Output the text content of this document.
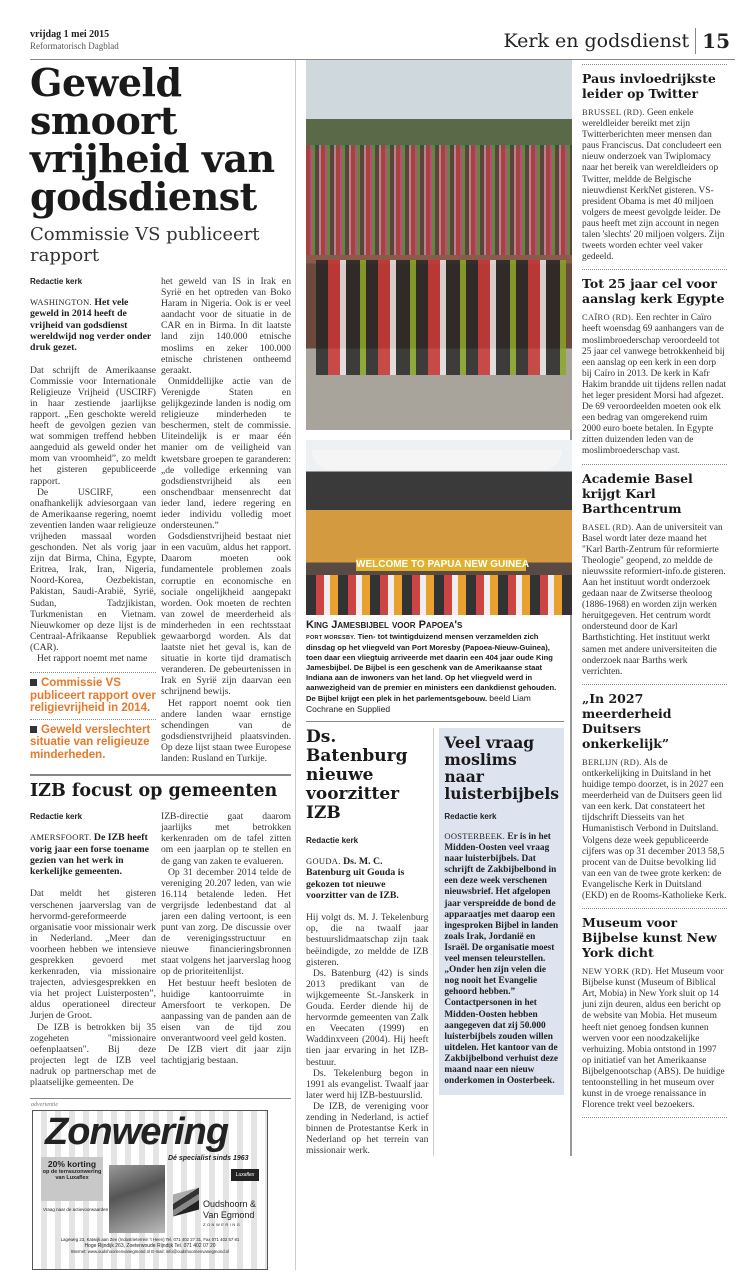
vrijdag 1 mei 2015
Reformatorisch Dagblad	Kerk en godsdienst 15
Geweld smoort vrijheid van godsdienst
Commissie VS publiceert rapport
Redactie kerk
WASHINGTON. Het vele geweld in 2014 heeft de vrijheid van godsdienst wereldwijd nog verder onder druk gezet.

Dat schrijft de Amerikaanse Commissie voor Internationale Religieuze Vrijheid (USCIRF) in haar zestiende jaarlijkse rapport. „Een geschokte wereld heeft de gevolgen gezien van wat sommigen treffend hebben aangeduid als geweld onder het mom van vroomheid”, zo meldt het gisteren gepubliceerde rapport.

De USCIRF, een onafhankelijk adviesorgaan van de Amerikaanse regering, noemt zeventien landen waar religieuze vrijheden massaal worden geschonden. Net als vorig jaar zijn dat Birma, China, Egypte, Eritrea, Irak, Iran, Nigeria, Noord-Korea, Oezbekistan, Pakistan, Saudi-Arabië, Syrië, Sudan, Tadzjikistan, Turkmenistan en Vietnam. Nieuwkomer op deze lijst is de Centraal-Afrikaanse Republiek (CAR).

Het rapport noemt met name

Commissie VS publiceert rapport over religievrijheid in 2014.
Geweld verslechtert situatie van religieuze minderheden.

het geweld van IS in Irak en Syrië en het optreden van Boko Haram in Nigeria. Ook is er veel aandacht voor de situatie in de CAR en in Birma. In dit laatste land zijn 140.000 etnische moslims en zeker 100.000 etnische christenen ontheemd geraakt.

Onmiddellijke actie van de Verenigde Staten en gelijkgezinde landen is nodig om religieuze minderheden te beschermen, stelt de commissie. Uiteindelijk is er maar één manier om de veiligheid van kwetsbare groepen te garanderen: „de volledige erkenning van godsdienstvrijheid als een onschendbaar mensenrecht dat ieder land, iedere regering en ieder individu volledig moet ondersteunen.”

Godsdienstvrijheid bestaat niet in een vacuüm, aldus het rapport. Daarom moeten ook fundamentele problemen zoals corruptie en economische en sociale ongelijkheid aangepakt worden. Ook moeten de rechten van zowel de meerderheid als minderheden in een rechtsstaat gewaarborgd worden. Als dat laatste niet het geval is, kan de situatie in korte tijd dramatisch veranderen. De gebeurtenissen in Irak en Syrië zijn daarvan een schrijnend bewijs.

Het rapport noemt ook tien andere landen waar ernstige schendingen van de godsdienstvrijheid plaatsvinden. Op deze lijst staan twee Europese landen: Rusland en Turkije.

IZB focust op gemeenten
Redactie kerk
AMERSFOORT. De IZB heeft vorig jaar een forse toename gezien van het werk in kerkelijke gemeenten.

Dat meldt het gisteren verschenen jaarverslag van de hervormd-gereformeerde organisatie voor missionair werk in Nederland. „Meer dan voorheen hebben we intensieve gesprekken gevoerd met kerkenraden, via missionaire trajecten, adviesgesprekken en via het project Luisterposten”, aldus operationeel directeur Jurjen de Groot.

De IZB is betrokken bij 35 zogeheten "missionaire oefenplaatsen". Bij deze projecten legt de IZB veel nadruk op partnerschap met de plaatselijke gemeenten. De

IZB-directie gaat daarom jaarlijks met betrokken kerkenraden om de tafel zitten om een jaarplan op te stellen en de gang van zaken te evalueren.

Op 31 december 2014 telde de vereniging 20.207 leden, van wie 16.114 betalende leden. Het vergrijsde ledenbestand dat al jaren een daling vertoont, is een punt van zorg. De discussie over de verenigingsstructuur en nieuwe financieringsbronnen staat volgens het jaarverslag hoog op de prioriteitenlijst.

Het bestuur heeft besloten de huidige kantoorruimte in Amersfoort te verkopen. De aanpassing van de panden aan de eisen van de tijd zou onverantwoord veel geld kosten.

De IZB viert dit jaar zijn tachtigjarig bestaan.

advertentie
Zonwering
Dé specialist sinds 1963
20% korting
op de terraszonwering van Luxaflex
Vraag naar de actievoorwaarden
Luxaflex
Oudshoorn &
Van Egmond
ZONWERING
Lageweg 23, Katwijk aan Zee (Industrieterrein 't Heen) Tel. 071 402 27 31, Fax 071 402 57 81
Hoge Rijndijk 263, Zoeterwoude Rijndijk Tel. 071 402 07 20
Internet: www.oudshoornenvanegmond.nl E-mail: info@oudshoornenvanegmond.nl
WELCOME TO PAPUA NEW GUINEA
King Jamesbijbel voor Papoea's
PORT MORESBY. Tien- tot twintigduizend mensen verzamelden zich dinsdag op het vliegveld van Port Moresby (Papoea-Nieuw-Guinea), toen daar een vliegtuig arriveerde met daarin een 404 jaar oude King Jamesbijbel. De Bijbel is een geschenk van de Amerikaanse staat Indiana aan de inwoners van het land. Op het vliegveld werd in aanwezigheid van de premier en ministers een dankdienst gehouden. De Bijbel krijgt een plek in het parlementsgebouw. beeld Liam Cochrane en Supplied
Ds. Batenburg nieuwe voorzitter IZB
Redactie kerk
GOUDA. Ds. M. C. Batenburg uit Gouda is gekozen tot nieuwe voorzitter van de IZB.

Hij volgt ds. M. J. Tekelenburg op, die na twaalf jaar bestuurslidmaatschap zijn taak beëindigde, zo meldde de IZB gisteren.

Ds. Batenburg (42) is sinds 2013 predikant van de wijkgemeente St.-Janskerk in Gouda. Eerder diende hij de hervormde gemeenten van Zalk en Veecaten (1999) en Waddinxveen (2004). Hij heeft tien jaar ervaring in het IZB-bestuur.

Ds. Tekelenburg begon in 1991 als evangelist. Twaalf jaar later werd hij IZB-bestuurslid.

De IZB, de vereniging voor zending in Nederland, is actief binnen de Protestantse Kerk in Nederland op het terrein van missionair werk.

Veel vraag moslims naar luisterbijbels
Redactie kerk
OOSTERBEEK. Er is in het Midden-Oosten veel vraag naar luisterbijbels. Dat schrijft de Zakbijbelbond in een deze week verschenen nieuwsbrief. Het afgelopen jaar verspreidde de bond de apparaatjes met daarop een ingesproken Bijbel in landen zoals Irak, Jordanië en Israël. De organisatie moest veel mensen teleurstellen. „Onder hen zijn velen die nog nooit het Evangelie gehoord hebben.” Contactpersonen in het Midden-Oosten hebben aangegeven dat zij 50.000 luisterbijbels zouden willen uitdelen. Het kantoor van de Zakbijbelbond verhuist deze maand naar een nieuw onderkomen in Oosterbeek.
Paus invloedrijkste leider op Twitter
BRUSSEL (RD). Geen enkele wereldleider bereikt met zijn Twitterberichten meer mensen dan paus Franciscus. Dat concludeert een nieuw onderzoek van Twiplomacy naar het bereik van wereldleiders op Twitter, meldde de Belgische nieuwdienst KerkNet gisteren. VS-president Obama is met 40 miljoen volgers de meest gevolgde leider. De paus heeft met zijn account in negen talen 'slechts' 20 miljoen volgers. Zijn tweets worden echter veel vaker gedeeld.
Tot 25 jaar cel voor aanslag kerk Egypte
CAÏRO (RD). Een rechter in Caïro heeft woensdag 69 aanhangers van de moslimbroederschap veroordeeld tot 25 jaar cel vanwege betrokkenheid bij een aanslag op een kerk in een dorp bij Caïro in 2013. De kerk in Kafr Hakim brandde uit tijdens rellen nadat het leger president Morsi had afgezet. De 69 veroordeelden moeten ook elk een bedrag van omgerekend ruim 2000 euro boete betalen. In Egypte zitten duizenden leden van de moslimbroederschap vast.
Academie Basel krijgt Karl Barthcentrum
BASEL (RD). Aan de universiteit van Basel wordt later deze maand het "Karl Barth-Zentrum für reformierte Theologie" geopend, zo meldde de nieuwssite reformiert-info.de gisteren. Aan het instituut wordt onderzoek gedaan naar de Zwitserse theoloog (1886-1968) en worden zijn werken heruitgegeven. Het centrum wordt ondersteund door de Karl Barthstichting. Het instituut werkt samen met andere universiteiten die onderzoek naar Barths werk verrichten.
„In 2027 meerderheid Duitsers onkerkelijk”
BERLIJN (RD). Als de ontkerkelijking in Duitsland in het huidige tempo doorzet, is in 2027 een meerderheid van de Duitsers geen lid van een kerk. Dat constateert het tijdschrift Diesseits van het Humanistisch Verbond in Duitsland. Volgens deze week gepubliceerde cijfers was op 31 december 2013 58,5 procent van de Duitse bevolking lid van een van de twee grote kerken: de Evangelische Kerk in Duitsland (EKD) en de Rooms-Katholieke Kerk.
Museum voor Bijbelse kunst New York dicht
NEW YORK (RD). Het Museum voor Bijbelse kunst (Museum of Biblical Art, Mobia) in New York sluit op 14 juni zijn deuren, aldus een bericht op de website van Mobia. Het museum heeft niet genoeg fondsen kunnen werven voor een noodzakelijke verhuizing. Mobia ontstond in 1997 op initiatief van het Amerikaanse Bijbelgenootschap (ABS). De huidige tentoonstelling in het museum over kunst in de vroege renaissance in Florence trekt veel bezoekers.
